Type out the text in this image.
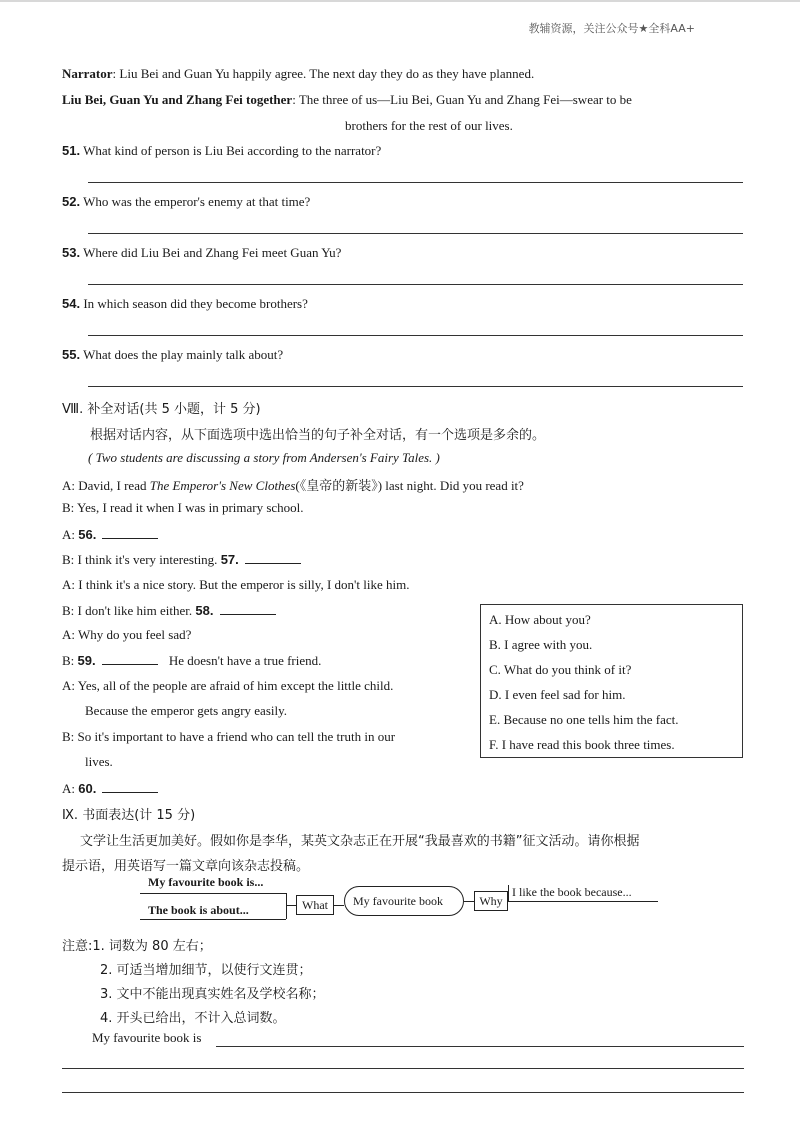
教辅资源，关注公众号★全科AA+
Narrator: Liu Bei and Guan Yu happily agree. The next day they do as they have planned.
Liu Bei, Guan Yu and Zhang Fei together: The three of us—Liu Bei, Guan Yu and Zhang Fei—swear to be
brothers for the rest of our lives.
51. What kind of person is Liu Bei according to the narrator?
52. Who was the emperor's enemy at that time?
53. Where did Liu Bei and Zhang Fei meet Guan Yu?
54. In which season did they become brothers?
55. What does the play mainly talk about?
Ⅷ. 补全对话(共 5 小题，计 5 分)
根据对话内容，从下面选项中选出恰当的句子补全对话，有一个选项是多余的。
( Two students are discussing a story from Andersen's Fairy Tales. )
A: David, I read The Emperor's New Clothes(《皇帝的新装》) last night. Did you read it?
B: Yes, I read it when I was in primary school.
A: 56.
B: I think it's very interesting. 57.
A: I think it's a nice story. But the emperor is silly, I don't like him.
B: I don't like him either. 58.
A: Why do you feel sad?
B: 59.	He doesn't have a true friend.
A: Yes, all of the people are afraid of him except the little child.
Because the emperor gets angry easily.
B: So it's important to have a friend who can tell the truth in our
lives.
A: 60.
A. How about you?
B. I agree with you.
C. What do you think of it?
D. I even feel sad for him.
E. Because no one tells him the fact.
F. I have read this book three times.
Ⅸ. 书面表达(计 15 分)
文学让生活更加美好。假如你是李华，某英文杂志正在开展“我最喜欢的书籍”征文活动。请你根据
提示语，用英语写一篇文章向该杂志投稿。
My favourite book is...
The book is about...	What	My favourite book	Why
I like the book because...
注意:1. 词数为 80 左右；
2. 可适当增加细节，以使行文连贯；
3. 文中不能出现真实姓名及学校名称；
4. 开头已给出，不计入总词数。
My favourite book is
